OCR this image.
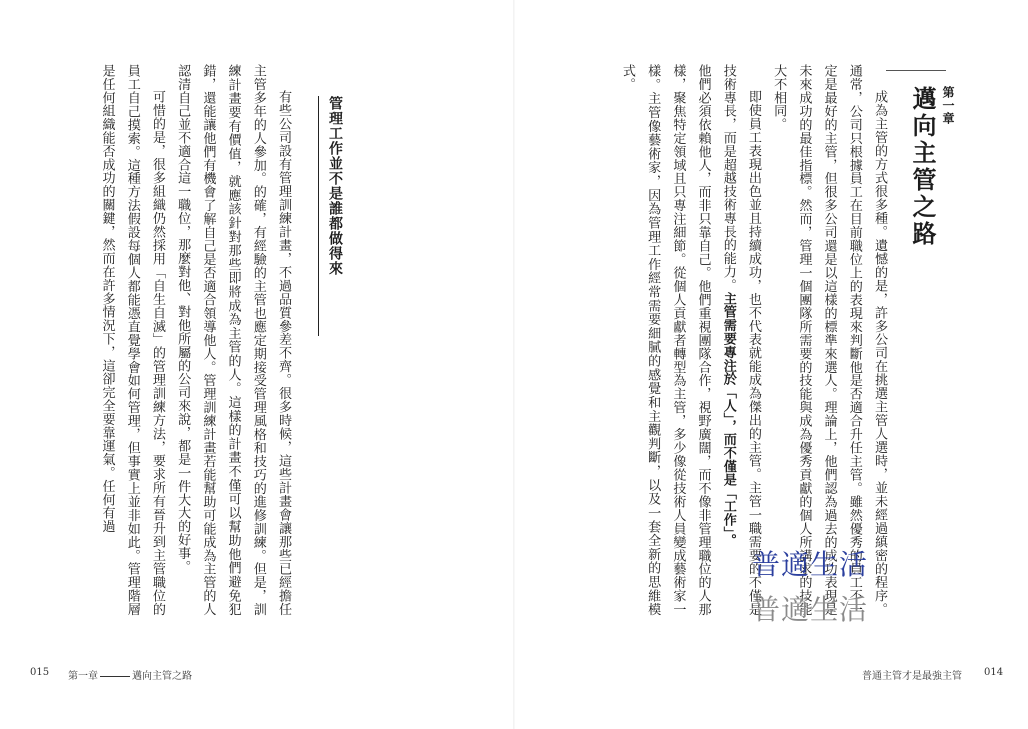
第一章
邁向主管之路

成為主管的方式很多種。遺憾的是，許多公司在挑選主管人選時，並未經過縝密的程序。通常，公司只根據員工在目前職位上的表現來判斷他是否適合升任主管。雖然優秀的員工不一定是最好的主管，但很多公司還是以這樣的標準來選人。理論上，他們認為過去的成功表現是未來成功的最佳指標。然而，管理一個團隊所需要的技能與成為優秀貢獻的個人所講求的技能大不相同。

即使員工表現出色並且持續成功，也不代表就能成為傑出的主管。主管一職需要的不僅是技術專長，而是超越技術專長的能力。主管需要專注於「人」，而不僅是「工作」。

他們必須依賴他人，而非只靠自己。他們重視團隊合作，視野廣闊，而不像非管理職位的人那樣，聚焦特定領域且只專注細節。從個人貢獻者轉型為主管，多少像從技術人員變成藝術家一樣。主管像藝術家，因為管理工作經常需要細膩的感覺和主觀判斷，以及一套全新的思維模式。

管理工作並不是誰都做得來

有些公司設有管理訓練計畫，不過品質參差不齊。很多時候，這些計畫會讓那些已經擔任主管多年的人參加。的確，有經驗的主管也應定期接受管理風格和技巧的進修訓練。但是，訓練計畫要有價值，就應該針對那些即將成為主管的人。這樣的計畫不僅可以幫助他們避免犯錯，還能讓他們有機會了解自己是否適合領導他人。管理訓練計畫若能幫助可能成為主管的人認清自己並不適合這一職位，那麼對他、對他所屬的公司來說，都是一件大大的好事。

可惜的是，很多組織仍然採用「自生自滅」的管理訓練方法，要求所有晉升到主管職位的員工自己摸索。這種方法假設每個人都能憑直覺學會如何管理，但事實上並非如此。管理階層是任何組織能否成功的關鍵，然而在許多情況下，這卻完全要靠運氣。任何有過

普適生活
普適生活
015 第一章	邁向主管之路	普通主管才是最強主管 014
